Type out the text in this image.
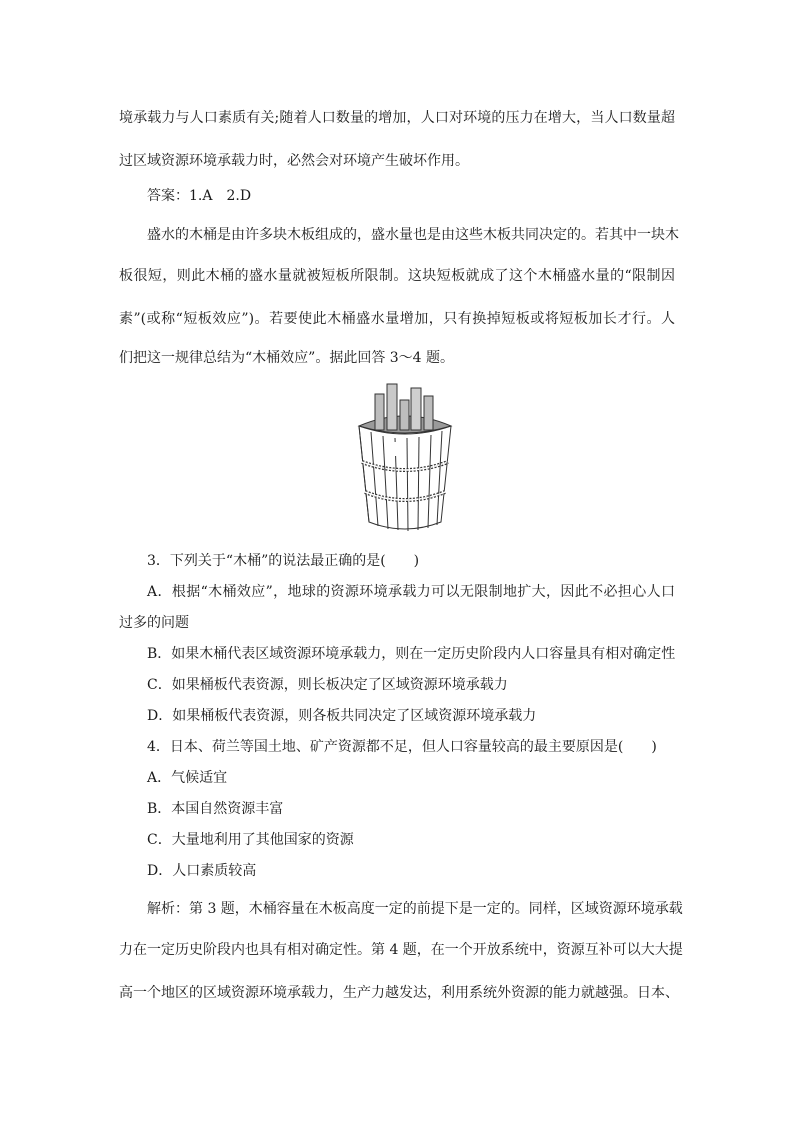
境承载力与人口素质有关;随着人口数量的增加，人口对环境的压力在增大，当人口数量超
过区域资源环境承载力时，必然会对环境产生破坏作用。
答案：1.A　2.D
盛水的木桶是由许多块木板组成的，盛水量也是由这些木板共同决定的。若其中一块木
板很短，则此木桶的盛水量就被短板所限制。这块短板就成了这个木桶盛水量的“限制因
素”(或称“短板效应”)。若要使此木桶盛水量增加，只有换掉短板或将短板加长才行。人
们把这一规律总结为“木桶效应”。据此回答 3～4 题。
3．下列关于“木桶”的说法最正确的是(　　)
A．根据“木桶效应”，地球的资源环境承载力可以无限制地扩大，因此不必担心人口
过多的问题
B．如果木桶代表区域资源环境承载力，则在一定历史阶段内人口容量具有相对确定性
C．如果桶板代表资源，则长板决定了区域资源环境承载力
D．如果桶板代表资源，则各板共同决定了区域资源环境承载力
4．日本、荷兰等国土地、矿产资源都不足，但人口容量较高的最主要原因是(　　)
A．气候适宜
B．本国自然资源丰富
C．大量地利用了其他国家的资源
D．人口素质较高
解析：第 3 题，木桶容量在木板高度一定的前提下是一定的。同样，区域资源环境承载
力在一定历史阶段内也具有相对确定性。第 4 题，在一个开放系统中，资源互补可以大大提
高一个地区的区域资源环境承载力，生产力越发达，利用系统外资源的能力就越强。日本、
